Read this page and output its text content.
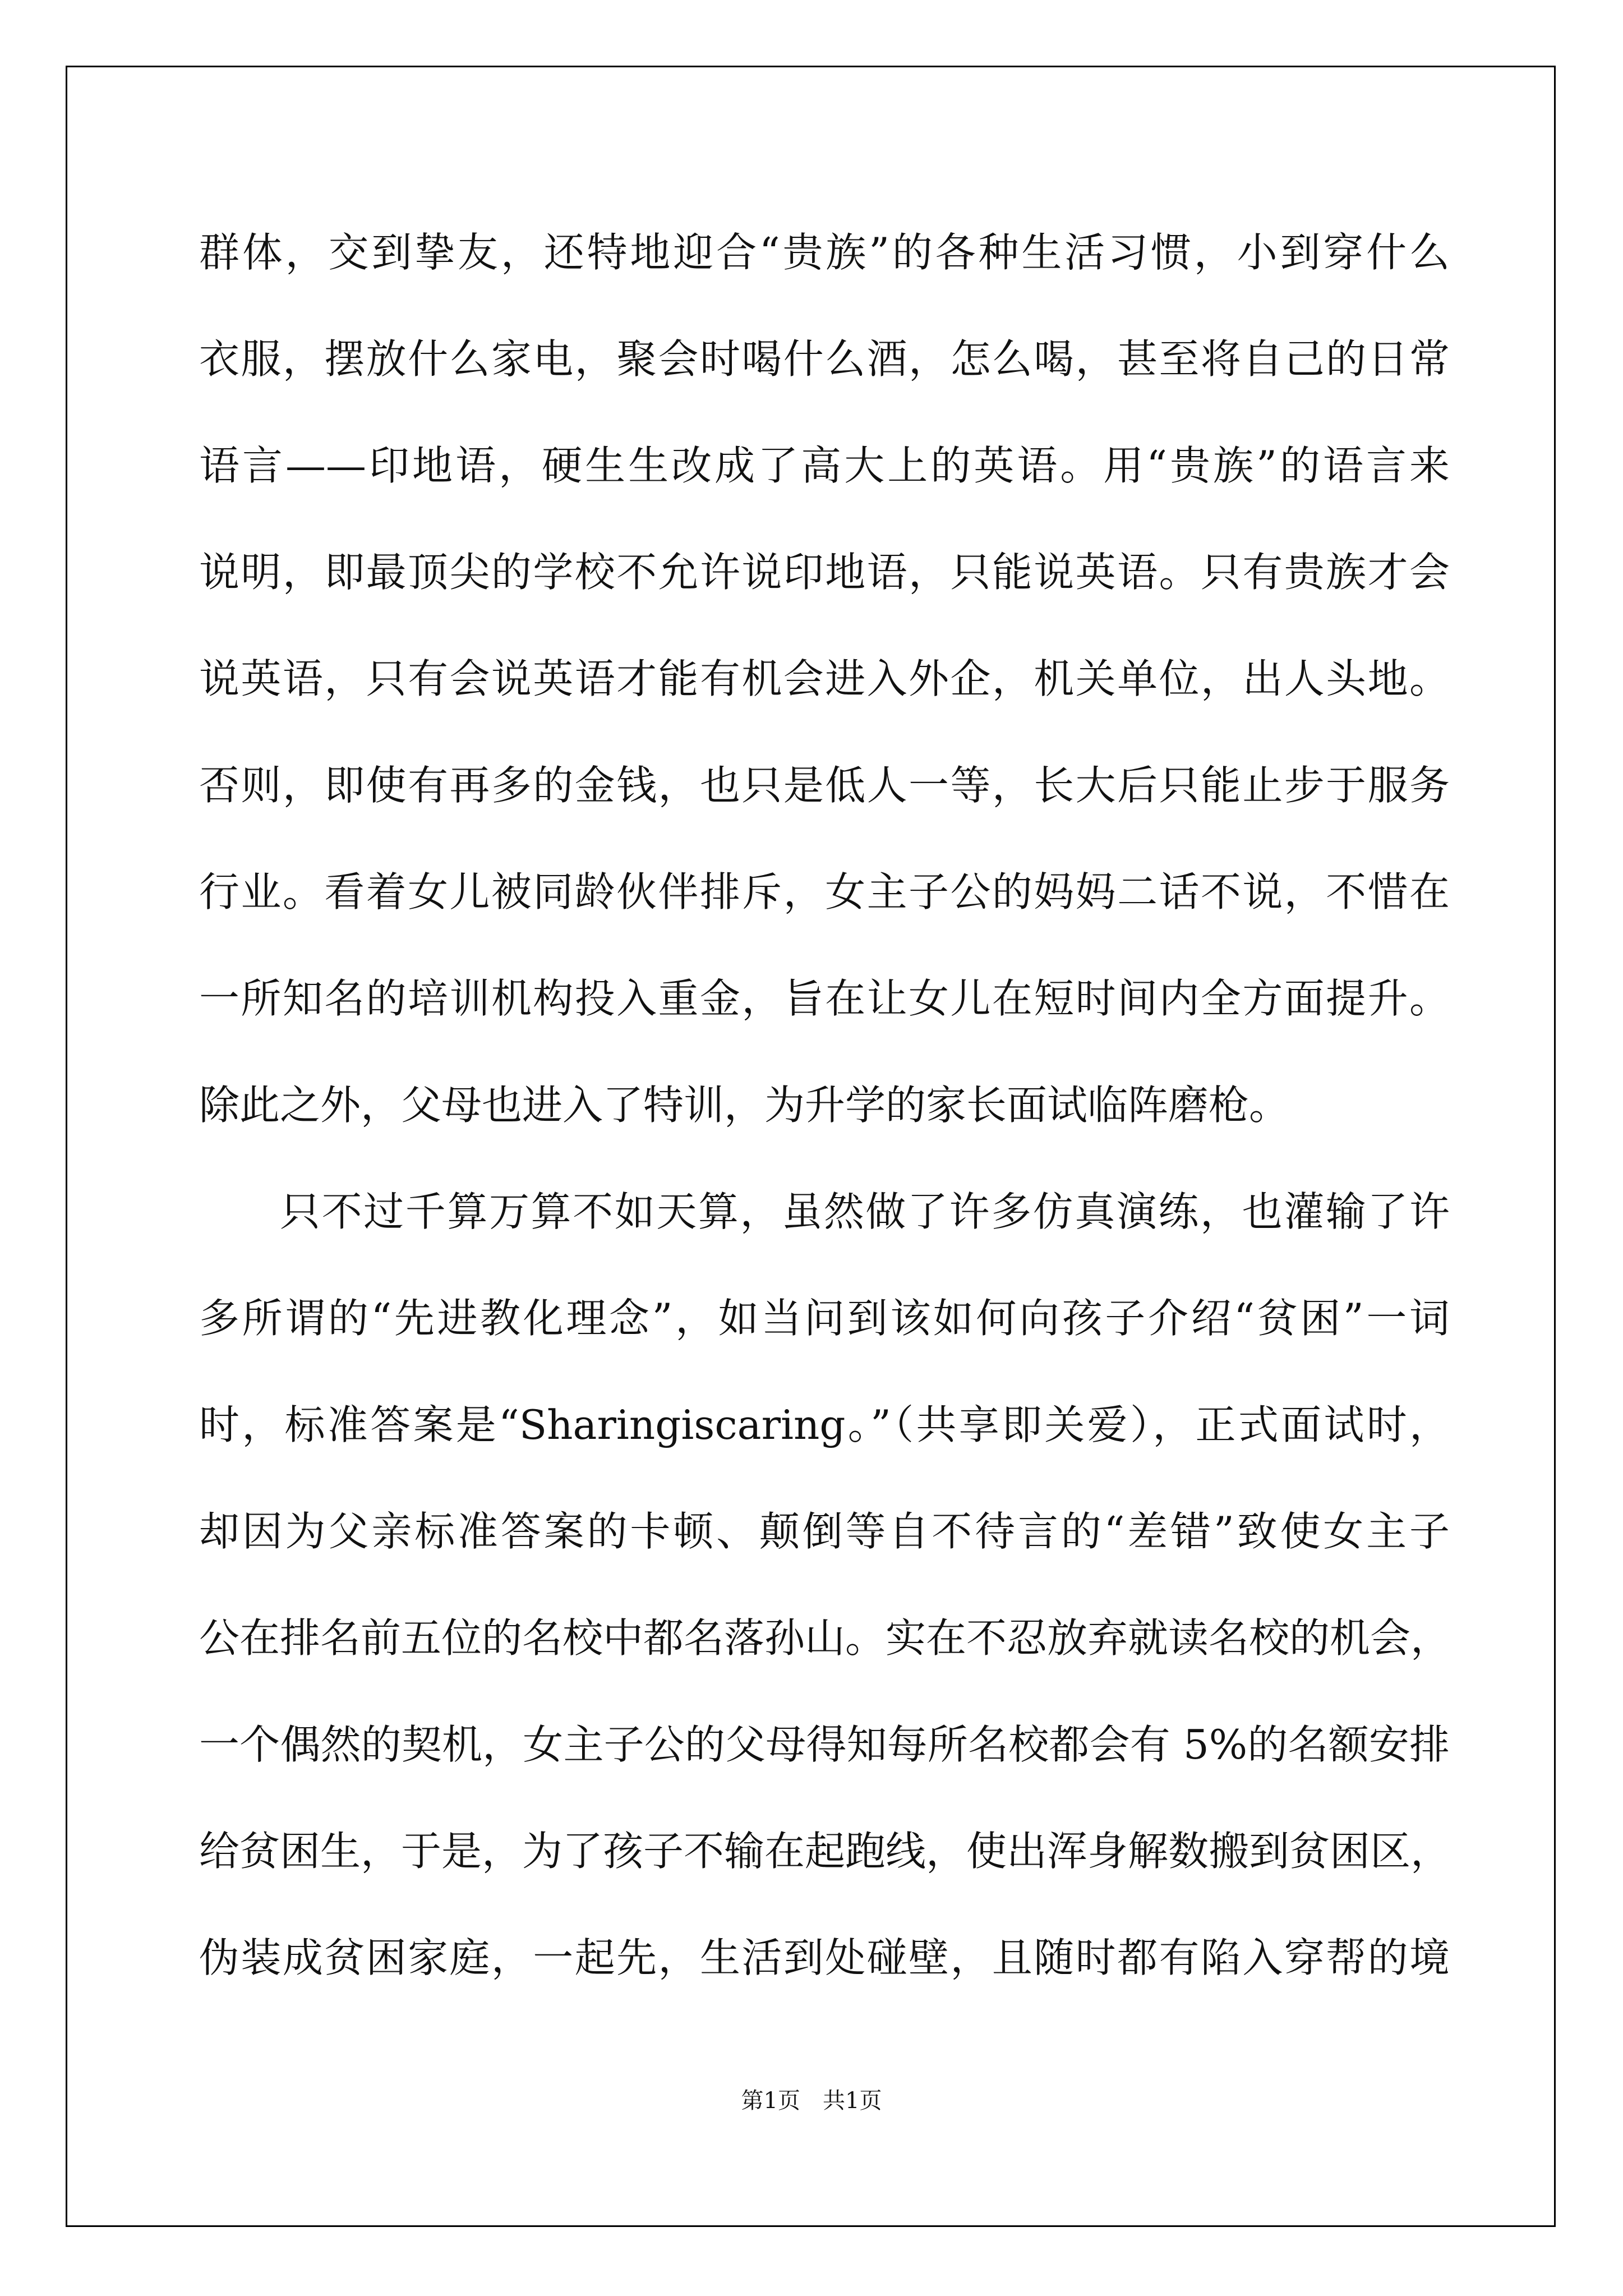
群体，交到挚友，还特地迎合“贵族”的各种生活习惯，小到穿什么
衣服，摆放什么家电，聚会时喝什么酒，怎么喝，甚至将自己的日常
语言——印地语，硬生生改成了高大上的英语。用“贵族”的语言来
说明，即最顶尖的学校不允许说印地语，只能说英语。只有贵族才会
说英语，只有会说英语才能有机会进入外企，机关单位，出人头地。
否则，即使有再多的金钱，也只是低人一等，长大后只能止步于服务
行业。看着女儿被同龄伙伴排斥，女主子公的妈妈二话不说，不惜在
一所知名的培训机构投入重金，旨在让女儿在短时间内全方面提升。
除此之外，父母也进入了特训，为升学的家长面试临阵磨枪。
只不过千算万算不如天算，虽然做了许多仿真演练，也灌输了许
多所谓的“先进教化理念”，如当问到该如何向孩子介绍“贫困”一词
时，标准答案是“Sharingiscaring。”（共享即关爱），正式面试时，
却因为父亲标准答案的卡顿、颠倒等自不待言的“差错”致使女主子
公在排名前五位的名校中都名落孙山。实在不忍放弃就读名校的机会，
一个偶然的契机，女主子公的父母得知每所名校都会有 5%的名额安排
给贫困生，于是，为了孩子不输在起跑线，使出浑身解数搬到贫困区，
伪装成贫困家庭，一起先，生活到处碰壁，且随时都有陷入穿帮的境
第1页　共1页
